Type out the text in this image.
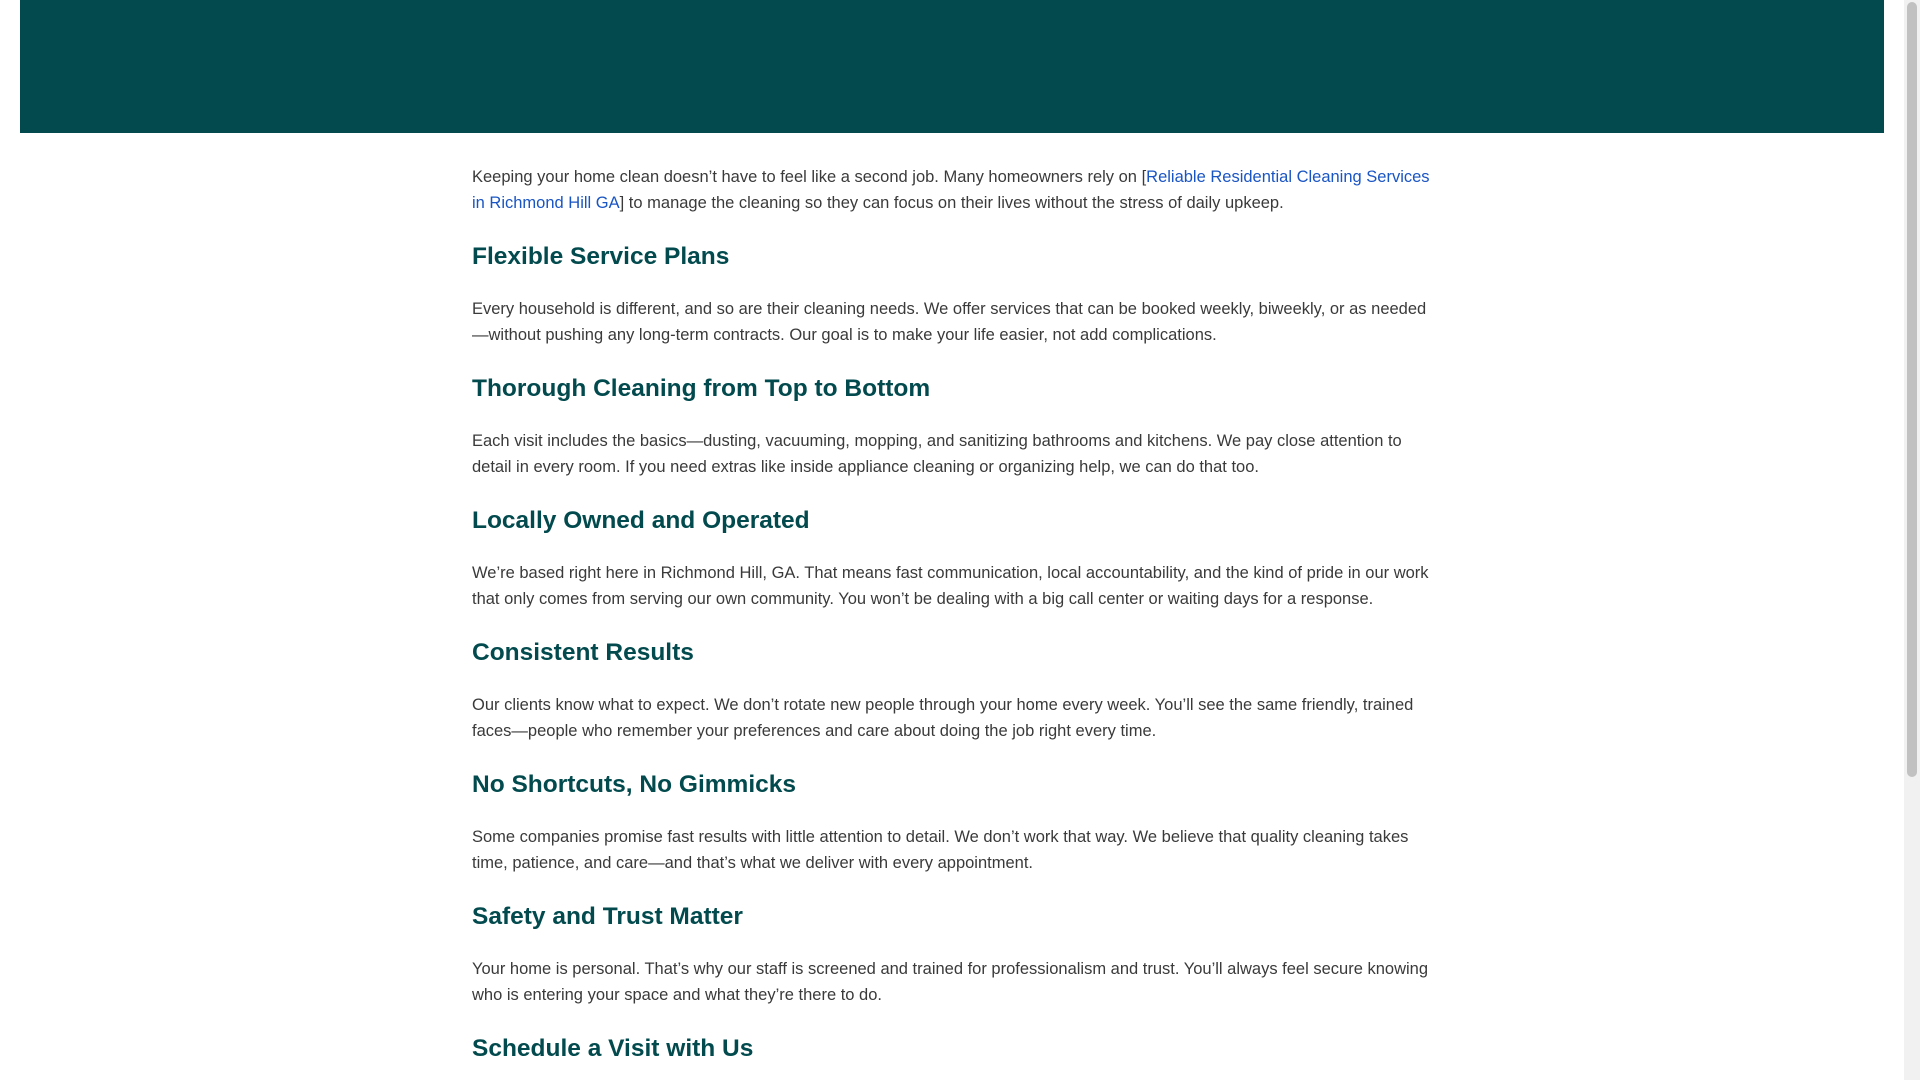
Keeping your home clean doesn’t have to feel like a second job. Many homeowners rely on [Reliable Residential Cleaning Services in Richmond Hill GA] to manage the cleaning so they can focus on their lives without the stress of daily upkeep.

Flexible Service Plans

Every household is different, and so are their cleaning needs. We offer services that can be booked weekly, biweekly, or as needed—without pushing any long-term contracts. Our goal is to make your life easier, not add complications.

Thorough Cleaning from Top to Bottom

Each visit includes the basics—dusting, vacuuming, mopping, and sanitizing bathrooms and kitchens. We pay close attention to detail in every room. If you need extras like inside appliance cleaning or organizing help, we can do that too.

Locally Owned and Operated

We’re based right here in Richmond Hill, GA. That means fast communication, local accountability, and the kind of pride in our work that only comes from serving our own community. You won’t be dealing with a big call center or waiting days for a response.

Consistent Results

Our clients know what to expect. We don’t rotate new people through your home every week. You’ll see the same friendly, trained faces—people who remember your preferences and care about doing the job right every time.

No Shortcuts, No Gimmicks

Some companies promise fast results with little attention to detail. We don’t work that way. We believe that quality cleaning takes time, patience, and care—and that’s what we deliver with every appointment.

Safety and Trust Matter

Your home is personal. That’s why our staff is screened and trained for professionalism and trust. You’ll always feel secure knowing who is entering your space and what they’re there to do.

Schedule a Visit with Us
